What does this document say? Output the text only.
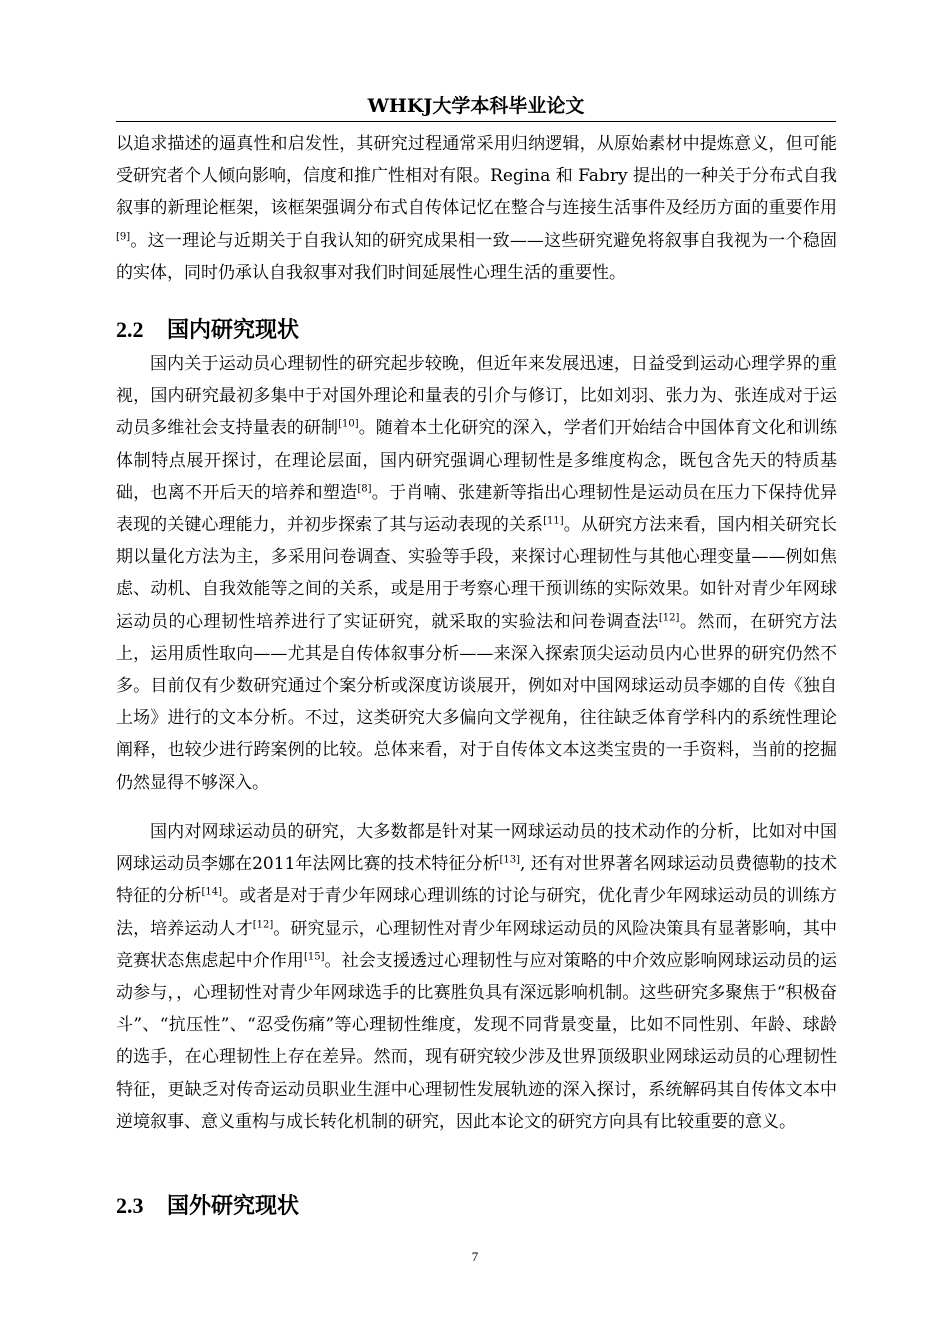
WHKJ大学本科毕业论文

以追求描述的逼真性和启发性，其研究过程通常采用归纳逻辑，从原始素材中提炼意义，但可能受研究者个人倾向影响，信度和推广性相对有限。Regina 和 Fabry 提出的一种关于分布式自我叙事的新理论框架，该框架强调分布式自传体记忆在整合与连接生活事件及经历方面的重要作用[9]。这一理论与近期关于自我认知的研究成果相一致——这些研究避免将叙事自我视为一个稳固的实体，同时仍承认自我叙事对我们时间延展性心理生活的重要性。

2.2 国内研究现状

国内关于运动员心理韧性的研究起步较晚，但近年来发展迅速，日益受到运动心理学界的重视，国内研究最初多集中于对国外理论和量表的引介与修订，比如刘羽、张力为、张连成对于运动员多维社会支持量表的研制[10]。随着本土化研究的深入，学者们开始结合中国体育文化和训练体制特点展开探讨，在理论层面，国内研究强调心理韧性是多维度构念，既包含先天的特质基础，也离不开后天的培养和塑造[8]。于肖喃、张建新等指出心理韧性是运动员在压力下保持优异表现的关键心理能力，并初步探索了其与运动表现的关系[11]。从研究方法来看，国内相关研究长期以量化方法为主，多采用问卷调查、实验等手段，来探讨心理韧性与其他心理变量——例如焦虑、动机、自我效能等之间的关系，或是用于考察心理干预训练的实际效果。如针对青少年网球运动员的心理韧性培养进行了实证研究，就采取的实验法和问卷调查法[12]。然而，在研究方法上，运用质性取向——尤其是自传体叙事分析——来深入探索顶尖运动员内心世界的研究仍然不多。目前仅有少数研究通过个案分析或深度访谈展开，例如对中国网球运动员李娜的自传《独自上场》进行的文本分析。不过，这类研究大多偏向文学视角，往往缺乏体育学科内的系统性理论阐释，也较少进行跨案例的比较。总体来看，对于自传体文本这类宝贵的一手资料，当前的挖掘仍然显得不够深入。

国内对网球运动员的研究，大多数都是针对某一网球运动员的技术动作的分析，比如对中国网球运动员李娜在2011年法网比赛的技术特征分析[13], 还有对世界著名网球运动员费德勒的技术特征的分析[14]。或者是对于青少年网球心理训练的讨论与研究，优化青少年网球运动员的训练方法，培养运动人才[12]。研究显示，心理韧性对青少年网球运动员的风险决策具有显著影响，其中竞赛状态焦虑起中介作用[15]。社会支援透过心理韧性与应对策略的中介效应影响网球运动员的运动参与，，心理韧性对青少年网球选手的比赛胜负具有深远影响机制。这些研究多聚焦于“积极奋斗”、“抗压性”、“忍受伤痛”等心理韧性维度，发现不同背景变量，比如不同性别、年龄、球龄的选手，在心理韧性上存在差异。然而，现有研究较少涉及世界顶级职业网球运动员的心理韧性特征，更缺乏对传奇运动员职业生涯中心理韧性发展轨迹的深入探讨，系统解码其自传体文本中逆境叙事、意义重构与成长转化机制的研究，因此本论文的研究方向具有比较重要的意义。

2.3 国外研究现状
7
